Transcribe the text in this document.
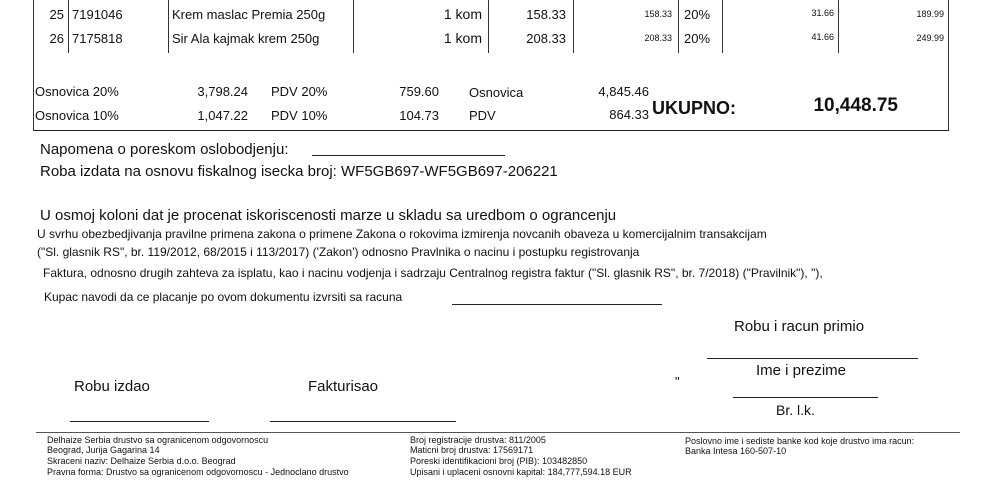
25 7191046	Krem maslac Premia 250g	1 kom	158.33	158.33 20%	31.66	189.99
26 7175818	Sir Ala kajmak krem 250g	1 kom	208.33	208.33 20%	41.66	249.99
Osnovica 20%	3,798.24 PDV 20%	759.60 Osnovica	4,845.46
Osnovica 10%	1,047.22 PDV 10%	104.73 PDV	864.33 UKUPNO:	10,448.75
Napomena o poreskom oslobodjenju:
Roba izdata na osnovu fiskalnog isecka broj: WF5GB697-WF5GB697-206221
U osmoj koloni dat je procenat iskoriscenosti marze u skladu sa uredbom o ograncenju
U svrhu obezbedjivanja pravilne primena zakona o primene Zakona o rokovima izmirenja novcanih obaveza u komercijalnim transakcijam
("Sl. glasnik RS", br. 119/2012, 68/2015 i 113/2017) ('Zakon') odnosno Pravlnika o nacinu i postupku registrovanja
Faktura, odnosno drugih zahteva za isplatu, kao i nacinu vodjenja i sadrzaju Centralnog registra faktur ("Sl. glasnik RS", br. 7/2018) ("Pravilnik"), "),
Kupac navodi da ce placanje po ovom dokumentu izvrsiti sa racuna
Robu i racun primio
Ime i prezime
Br. l.k.
"
Robu izdao	Fakturisao
Delhaize Serbia drustvo sa ogranicenom odgovornoscu
Beograd, Jurija Gagarina 14
Skraceni naziv: Delhaize Serbia d.o.o. Beograd
Pravna forma: Drustvo sa ogranicenom odgovornoscu - Jednoclano drustvo
Broj registracije drustva: 811/2005
Maticni broj drustva: 17569171
Poreski identifikacioni broj (PIB): 103482850
Upisani i uplaceni osnovni kapital: 184,777,594.18 EUR
Poslovno ime i sediste banke kod koje drustvo ima racun:
Banka Intesa 160-507-10
